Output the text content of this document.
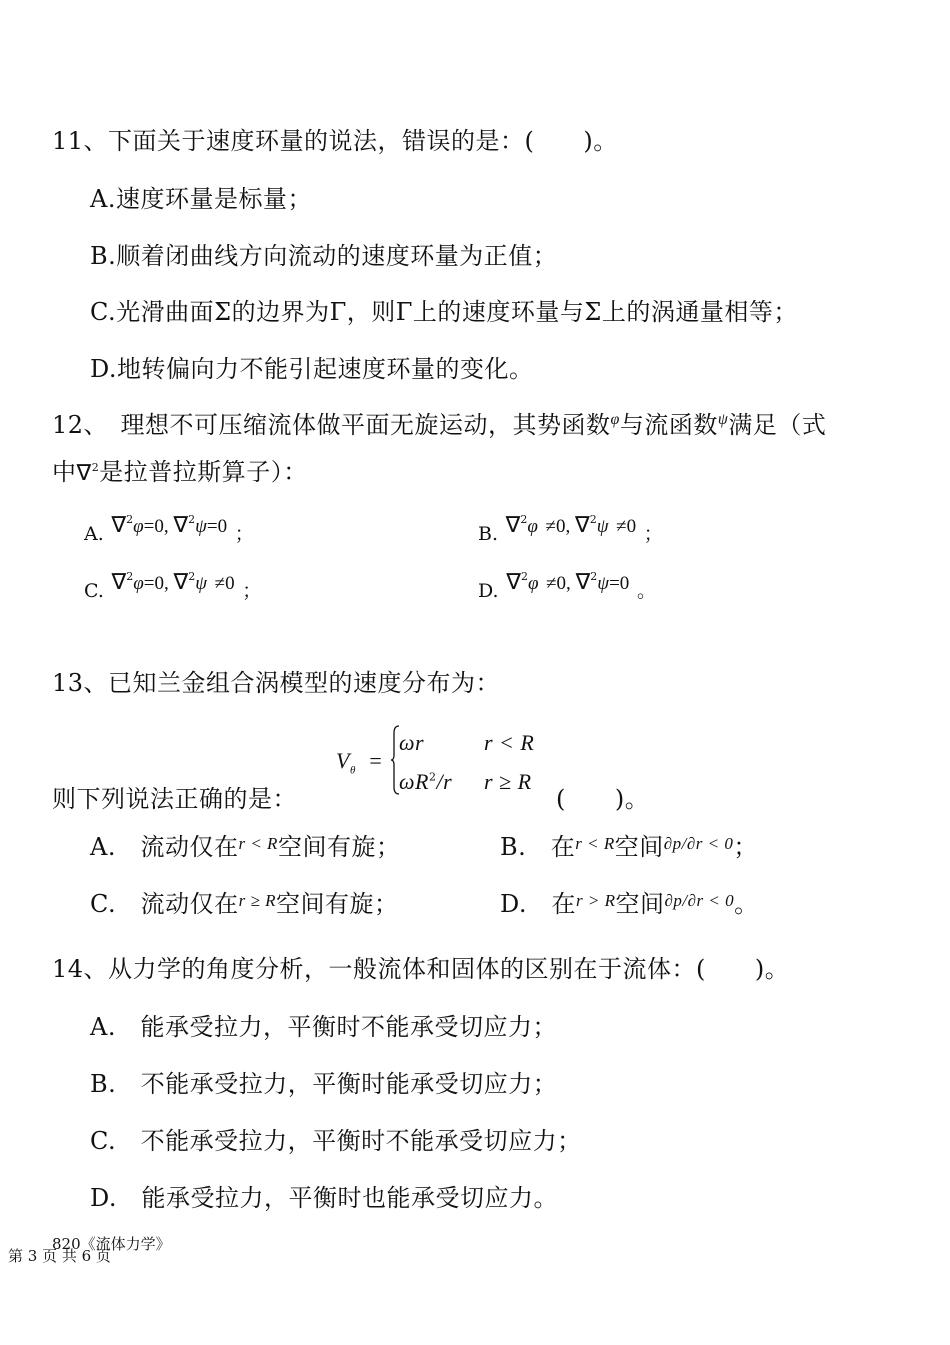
11、下面关于速度环量的说法，错误的是：(　　)。
A.速度环量是标量；
B.顺着闭曲线方向流动的速度环量为正值；
C.光滑曲面Σ的边界为Γ，则Γ上的速度环量与Σ上的涡通量相等；
D.地转偏向力不能引起速度环量的变化。
12、　理想不可压缩流体做平面无旋运动，其势函数$^\varphi$与流函数$^\psi$满足（式
中∇$^2$是拉普拉斯算子）：
A. ∇$^2$φ=0, ∇$^2$ψ=0 ；	B. ∇$^2$φ ≠0, ∇$^2$ψ ≠0 ；
C. ∇$^2$φ=0, ∇$^2$ψ ≠0 ；	D. ∇$^2$φ ≠0, ∇$^2$ψ=0 。
13、已知兰金组合涡模型的速度分布为：
$V_\theta$ =
ωr	r < R
$\omega R^2/r$ r ≥ R
则下列说法正确的是：	(　　)。
A.　流动仅在$^{r < R}$空间有旋；	B.　在$^{r < R}$空间$^{\partial p/\partial r < 0}$；
C.　流动仅在$^{r \ge R}$空间有旋；	D.　在$^{r > R}$空间$^{\partial p/\partial r < 0}$。
14、从力学的角度分析，一般流体和固体的区别在于流体：(　　)。
A.　能承受拉力，平衡时不能承受切应力；
B.　不能承受拉力，平衡时能承受切应力；
C.　不能承受拉力，平衡时不能承受切应力；
D.　能承受拉力，平衡时也能承受切应力。
820《流体力学》
第 3 页 共 6 页
